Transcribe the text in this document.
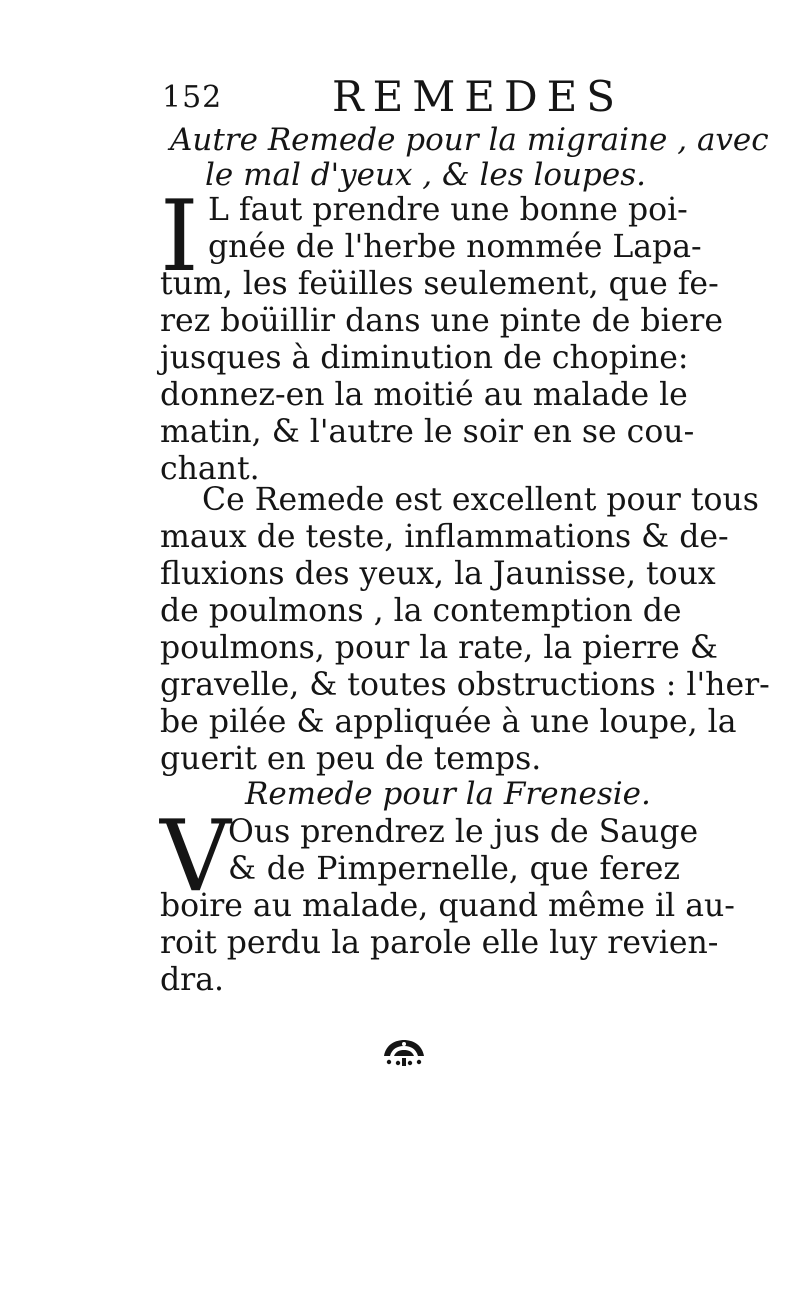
152	REMEDES
Autre Remede pour la migraine , avec
le mal d'yeux , & les loupes.
I L faut prendre une bonne poi-
gnée de l'herbe nommée Lapa-
tum, les feüilles seulement, que fe-
rez boüillir dans une pinte de biere
jusques à diminution de chopine:
donnez-en la moitié au malade le
matin, & l'autre le soir en se cou-
chant.
Ce Remede est excellent pour tous
maux de teste, inflammations & de-
fluxions des yeux, la Jaunisse, toux
de poulmons , la contemption de
poulmons, pour la rate, la pierre &
gravelle, & toutes obstructions : l'her-
be pilée & appliquée à une loupe, la
guerit en peu de temps.
Remede pour la Frenesie.
V
Ous prendrez le jus de Sauge
& de Pimpernelle, que ferez
boire au malade, quand même il au-
roit perdu la parole elle luy revien-
dra.
